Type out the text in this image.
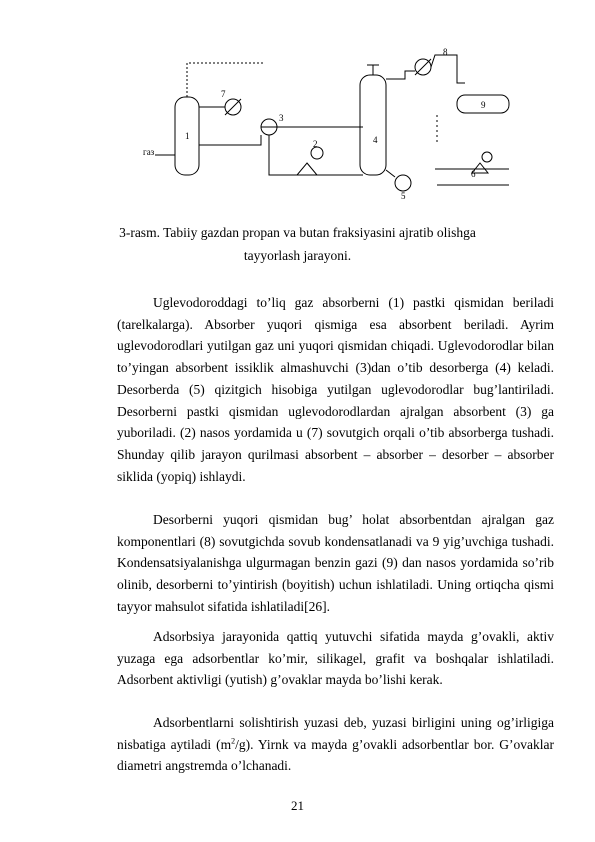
газ
1
2
3
4
5
6
7
8
9
3-rasm. Tabiiy gazdan propan va butan fraksiyasini ajratib olishga
tayyorlash jarayoni.

Uglevodoroddagi to’liq gaz absorberni (1) pastki qismidan beriladi (tarelkalarga). Absorber yuqori qismiga esa absorbent beriladi. Ayrim uglevodorodlari yutilgan gaz uni yuqori qismidan chiqadi. Uglevodorodlar bilan to’yingan absorbent issiklik almashuvchi (3)dan o’tib desorberga (4) keladi. Desorberda (5) qizitgich hisobiga yutilgan uglevodorodlar bug’lantiriladi. Desorberni pastki qismidan uglevodorodlardan ajralgan absorbent (3) ga yuboriladi. (2) nasos yordamida u (7) sovutgich orqali o’tib absorberga tushadi. Shunday qilib jarayon qurilmasi absorbent – absorber – desorber – absorber siklida (yopiq) ishlaydi.

Desorberni yuqori qismidan bug’ holat absorbentdan ajralgan gaz komponentlari (8) sovutgichda sovub kondensatlanadi va 9 yig’uvchiga tushadi. Kondensatsiyalanishga ulgurmagan benzin gazi (9) dan nasos yordamida so’rib olinib, desorberni to’yintirish (boyitish) uchun ishlatiladi. Uning ortiqcha qismi tayyor mahsulot sifatida ishlatiladi[26].

Adsorbsiya jarayonida qattiq yutuvchi sifatida mayda g’ovakli, aktiv yuzaga ega adsorbentlar ko’mir, silikagel, grafit va boshqalar ishlatiladi. Adsorbent aktivligi (yutish) g’ovaklar mayda bo’lishi kerak.

Adsorbentlarni solishtirish yuzasi deb, yuzasi birligini uning og’irligiga nisbatiga aytiladi $(m^2/g)$. Yirnk va mayda g’ovakli adsorbentlar bor. G’ovaklar diametri angstremda o’lchanadi.

21
